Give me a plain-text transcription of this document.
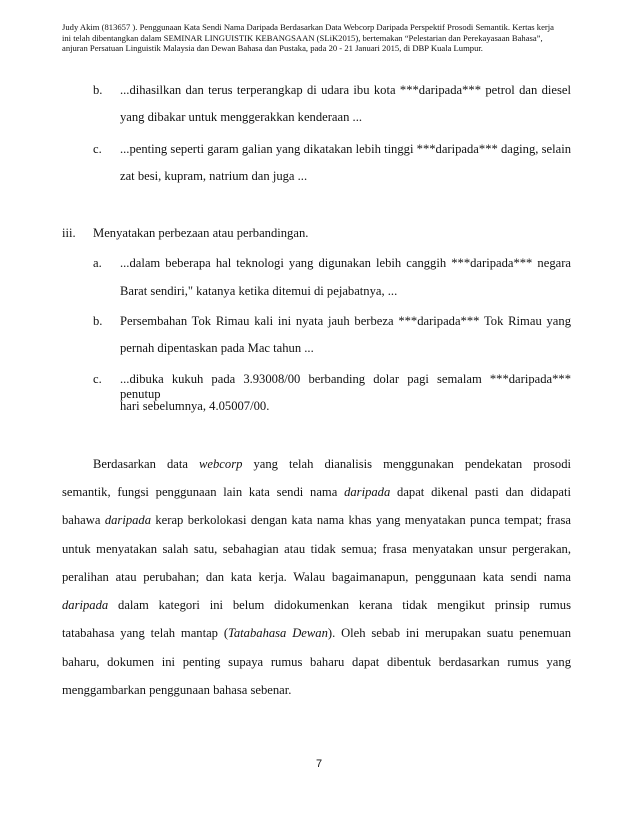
Judy Akim (813657 ). Penggunaan Kata Sendi Nama Daripada Berdasarkan Data Webcorp Daripada Perspektif Prosodi Semantik. Kertas kerja
ini telah dibentangkan dalam SEMINAR LINGUISTIK KEBANGSAAN (SLiK2015), bertemakan “Pelestarian dan Perekayasaan Bahasa”,
anjuran Persatuan Linguistik Malaysia dan Dewan Bahasa dan Pustaka, pada 20 - 21 Januari 2015, di DBP Kuala Lumpur.
b. ...dihasilkan dan terus terperangkap di udara ibu kota ***daripada*** petrol dan diesel
yang dibakar untuk menggerakkan kenderaan ...
c. ...penting seperti garam galian yang dikatakan lebih tinggi ***daripada*** daging, selain
zat besi, kupram, natrium dan juga ...
iii. Menyatakan perbezaan atau perbandingan.
a. ...dalam beberapa hal teknologi yang digunakan lebih canggih ***daripada*** negara
Barat sendiri," katanya ketika ditemui di pejabatnya, ...
b. Persembahan Tok Rimau kali ini nyata jauh berbeza ***daripada*** Tok Rimau yang
pernah dipentaskan pada Mac tahun ...
c. ...dibuka kukuh pada 3.93008/00 berbanding dolar pagi semalam ***daripada*** penutup
hari sebelumnya, 4.05007/00.
Berdasarkan data webcorp yang telah dianalisis menggunakan pendekatan prosodi
semantik, fungsi penggunaan lain kata sendi nama daripada dapat dikenal pasti dan didapati
bahawa daripada kerap berkolokasi dengan kata nama khas yang menyatakan punca tempat; frasa
untuk menyatakan salah satu, sebahagian atau tidak semua; frasa menyatakan unsur pergerakan,
peralihan atau perubahan; dan kata kerja. Walau bagaimanapun, penggunaan kata sendi nama
daripada dalam kategori ini belum didokumenkan kerana tidak mengikut prinsip rumus
tatabahasa yang telah mantap (Tatabahasa Dewan). Oleh sebab ini merupakan suatu penemuan
baharu, dokumen ini penting supaya rumus baharu dapat dibentuk berdasarkan rumus yang
menggambarkan penggunaan bahasa sebenar.
7
